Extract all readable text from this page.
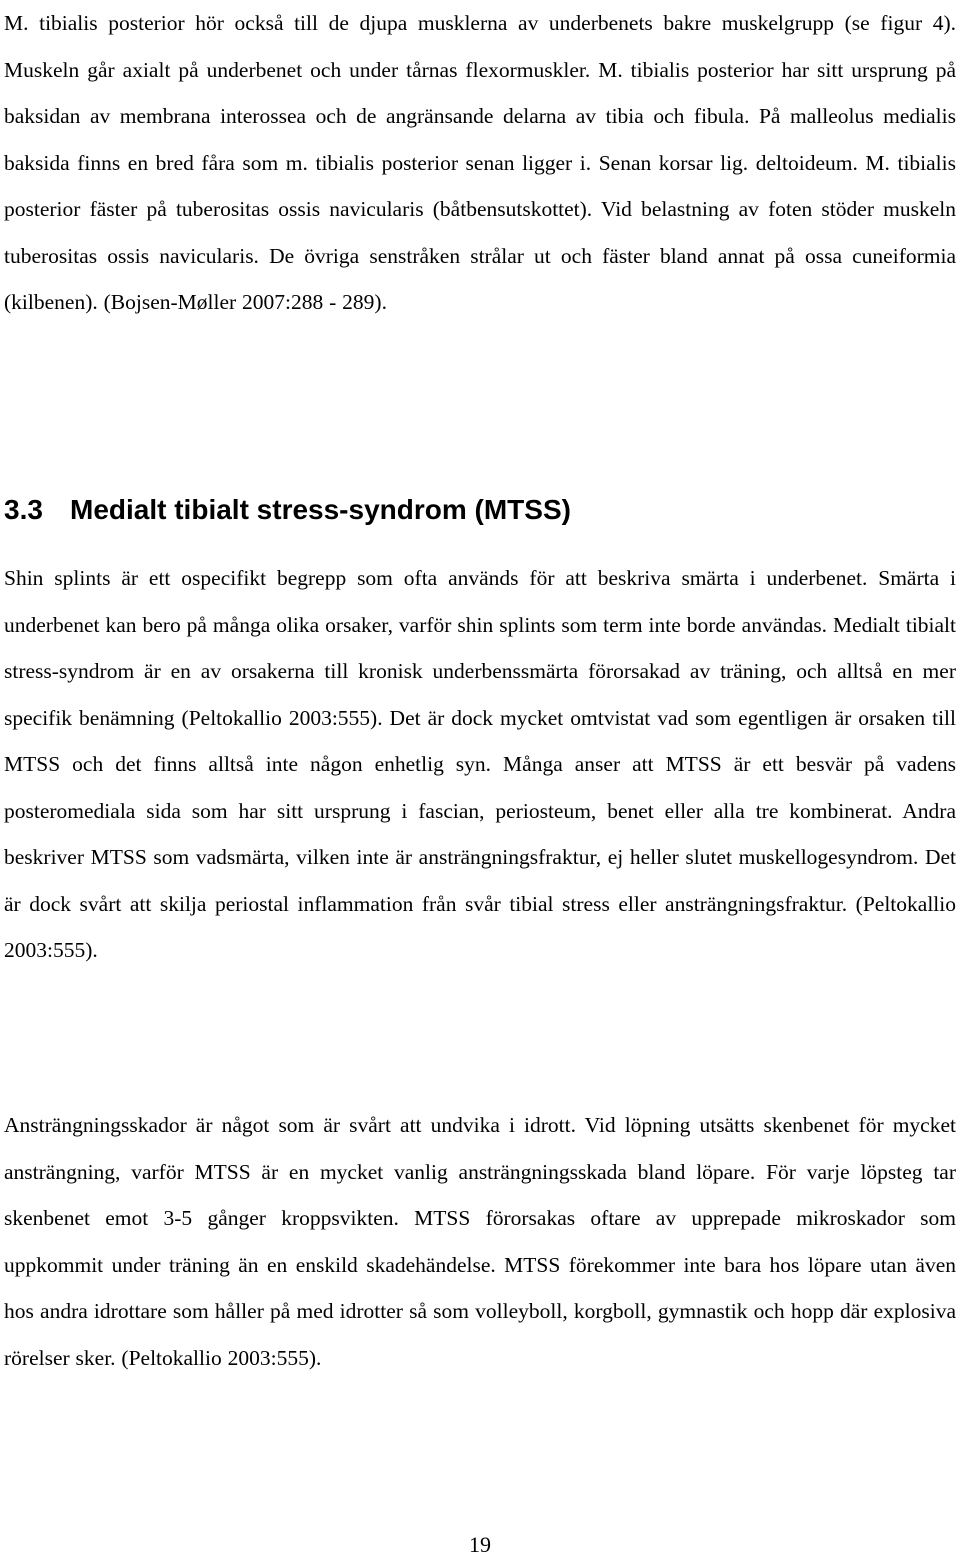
M. tibialis posterior hör också till de djupa musklerna av underbenets bakre muskelgrupp (se figur 4). Muskeln går axialt på underbenet och under tårnas flexormuskler. M. tibialis posterior har sitt ursprung på baksidan av membrana interossea och de angränsande delarna av tibia och fibula. På malleolus medialis baksida finns en bred fåra som m. tibialis posterior senan ligger i. Senan korsar lig. deltoideum. M. tibialis posterior fäster på tuberositas ossis navicularis (båtbensutskottet). Vid belastning av foten stöder muskeln tuberositas ossis navicularis. De övriga senstråken strålar ut och fäster bland annat på ossa cuneiformia (kilbenen). (Bojsen-Møller 2007:288 - 289).

3.3 Medialt tibialt stress-syndrom (MTSS)

Shin splints är ett ospecifikt begrepp som ofta används för att beskriva smärta i underbenet. Smärta i underbenet kan bero på många olika orsaker, varför shin splints som term inte borde användas. Medialt tibialt stress-syndrom är en av orsakerna till kronisk underbenssmärta förorsakad av träning, och alltså en mer specifik benämning (Peltokallio 2003:555). Det är dock mycket omtvistat vad som egentligen är orsaken till MTSS och det finns alltså inte någon enhetlig syn. Många anser att MTSS är ett besvär på vadens posteromediala sida som har sitt ursprung i fascian, periosteum, benet eller alla tre kombinerat. Andra beskriver MTSS som vadsmärta, vilken inte är ansträngningsfraktur, ej heller slutet muskellogesyndrom. Det är dock svårt att skilja periostal inflammation från svår tibial stress eller ansträngningsfraktur. (Peltokallio 2003:555).

Ansträngningsskador är något som är svårt att undvika i idrott. Vid löpning utsätts skenbenet för mycket ansträngning, varför MTSS är en mycket vanlig ansträngningsskada bland löpare. För varje löpsteg tar skenbenet emot 3-5 gånger kroppsvikten. MTSS förorsakas oftare av upprepade mikroskador som uppkommit under träning än en enskild skadehändelse. MTSS förekommer inte bara hos löpare utan även hos andra idrottare som håller på med idrotter så som volleyboll, korgboll, gymnastik och hopp där explosiva rörelser sker. (Peltokallio 2003:555).

19
